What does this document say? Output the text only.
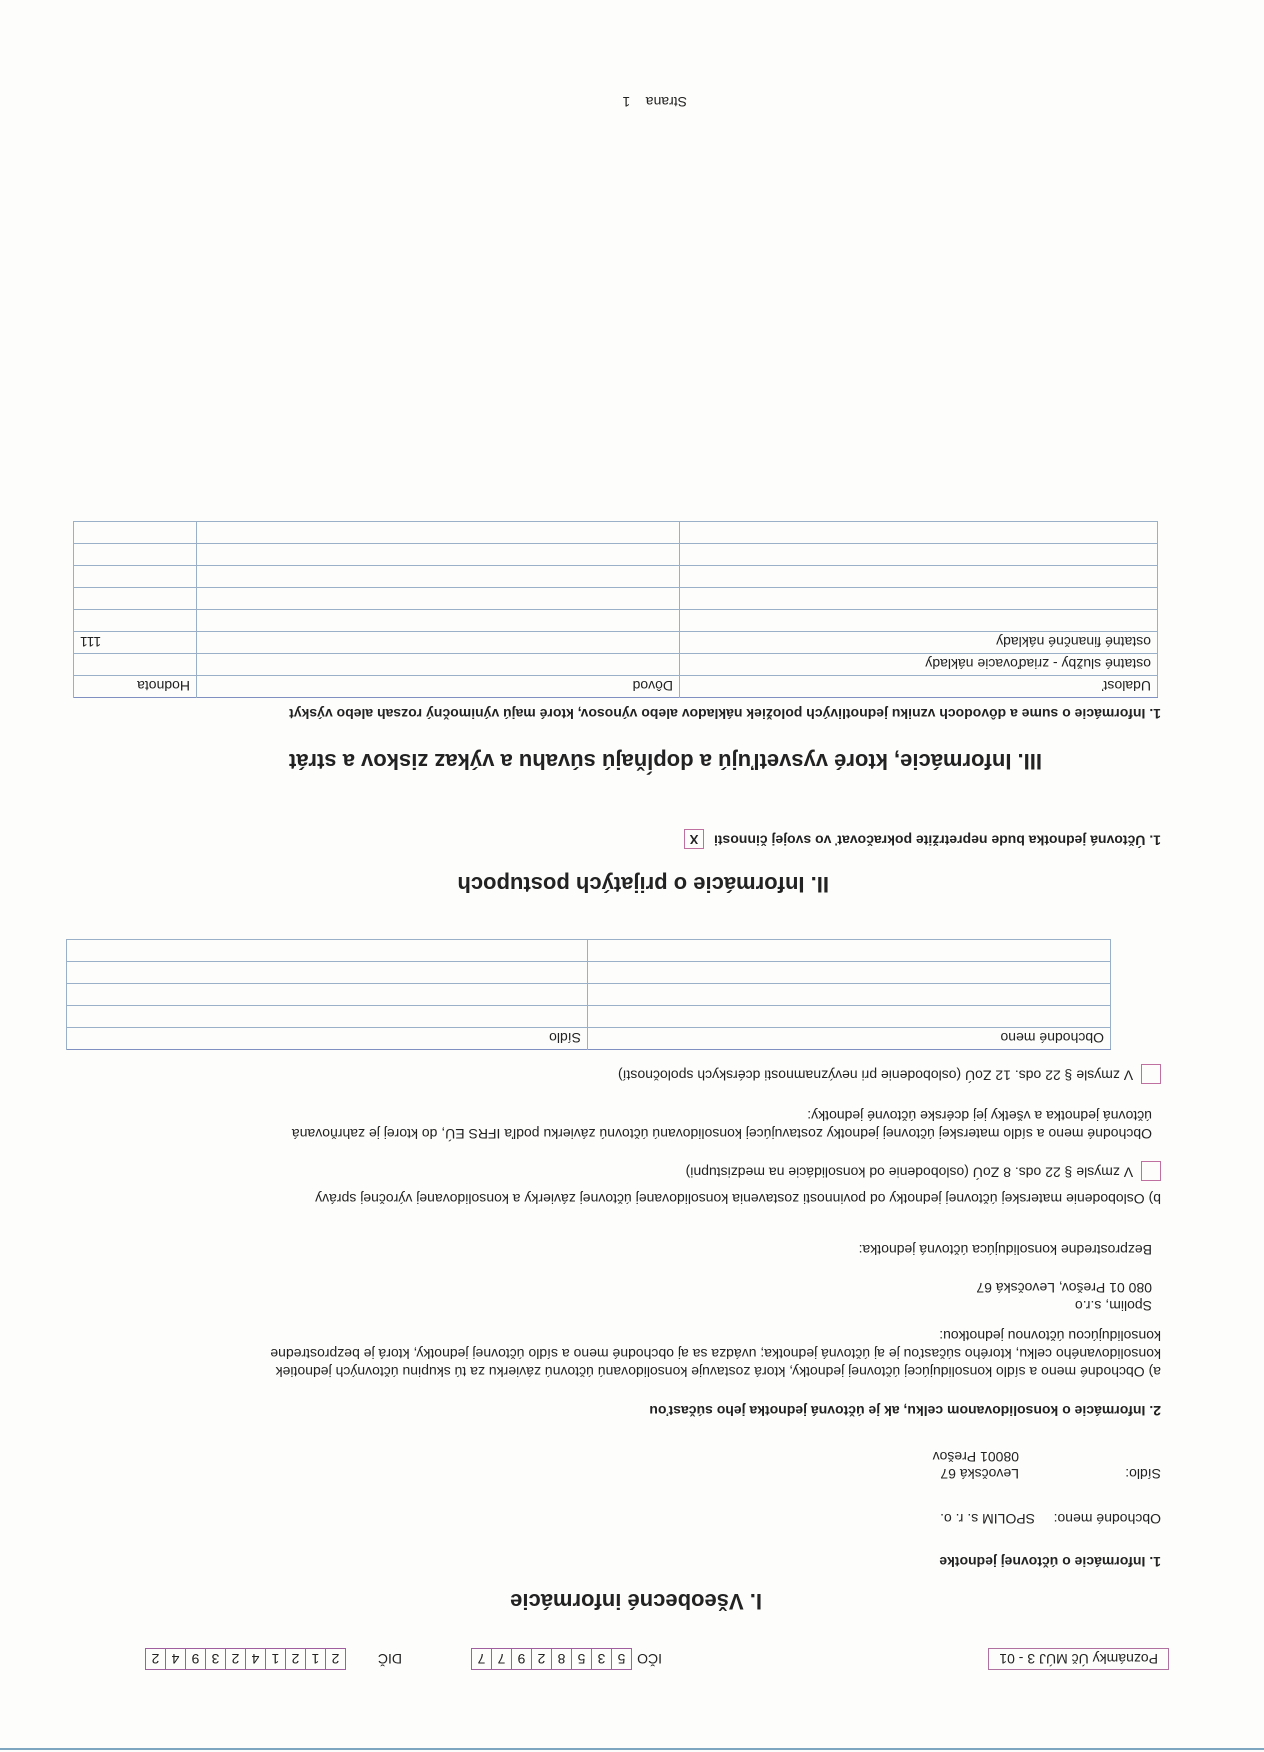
Poznámky Úč MÚJ 3 - 01
IČO
5
3
5
8
2
9
7
7
DIČ
2
1
2
1
4
2
3
9
4
2
I. Všeobecné informácie
1. Informácie o účtovnej jednotke
Obchodné meno:
SPOLIM s. r. o.
Sídlo:
Levočská 67
08001 Prešov
2. Informácie o konsolidovanom celku, ak je účtovná jednotka jeho súčasťou
a) Obchodné meno a sídlo konsolidujúcej účtovnej jednotky, ktorá zostavuje konsolidovanú účtovnú závierku za tú skupinu účtovných jednotiek
konsolidovaného celku, ktorého súčasťou je aj účtovná jednotka; uvádza sa aj obchodné meno a sídlo účtovnej jednotky, ktorá je bezprostredne
konsolidujúcou účtovnou jednotkou:
Spolim, s.r.o
080 01 Prešov, Levočská 67
Bezprostredne konsolidujúca účtovná jednotka:
b) Oslobodenie materskej účtovnej jednotky od povinnosti zostavenia konsolidovanej účtovnej závierky a konsolidovanej výročnej správy
V zmysle § 22 ods. 8 ZoÚ (oslobodenie od konsolidácie na medzistupni)
Obchodné meno a sídlo materskej účtovnej jednotky zostavujúcej konsolidovanú účtovnú závierku podľa IFRS EÚ, do ktorej je zahrňovaná
účtovná jednotka a všetky jej dcérske účtovné jednotky:
V zmysle § 22 ods. 12 ZoÚ (oslobodenie pri nevýznamnosti dcérskych spoločností)
Obchodné meno	Sídlo

II. Informácie o prijatých postupoch
1. Účtovná jednotka bude nepretržite pokračovať vo svojej činnosti X
III. Informácie, ktoré vysvetľujú a dopĺňajú súvahu a výkaz ziskov a strát
1. Informácie o sume a dôvodoch vzniku jednotlivých položiek nákladov alebo výnosov, ktoré majú výnimočný rozsah alebo výskyt
Udalosť	Dôvod	Hodnota
ostatné služby - zriaďovacie náklady		
ostatné finančné náklady		111

Strana    1
